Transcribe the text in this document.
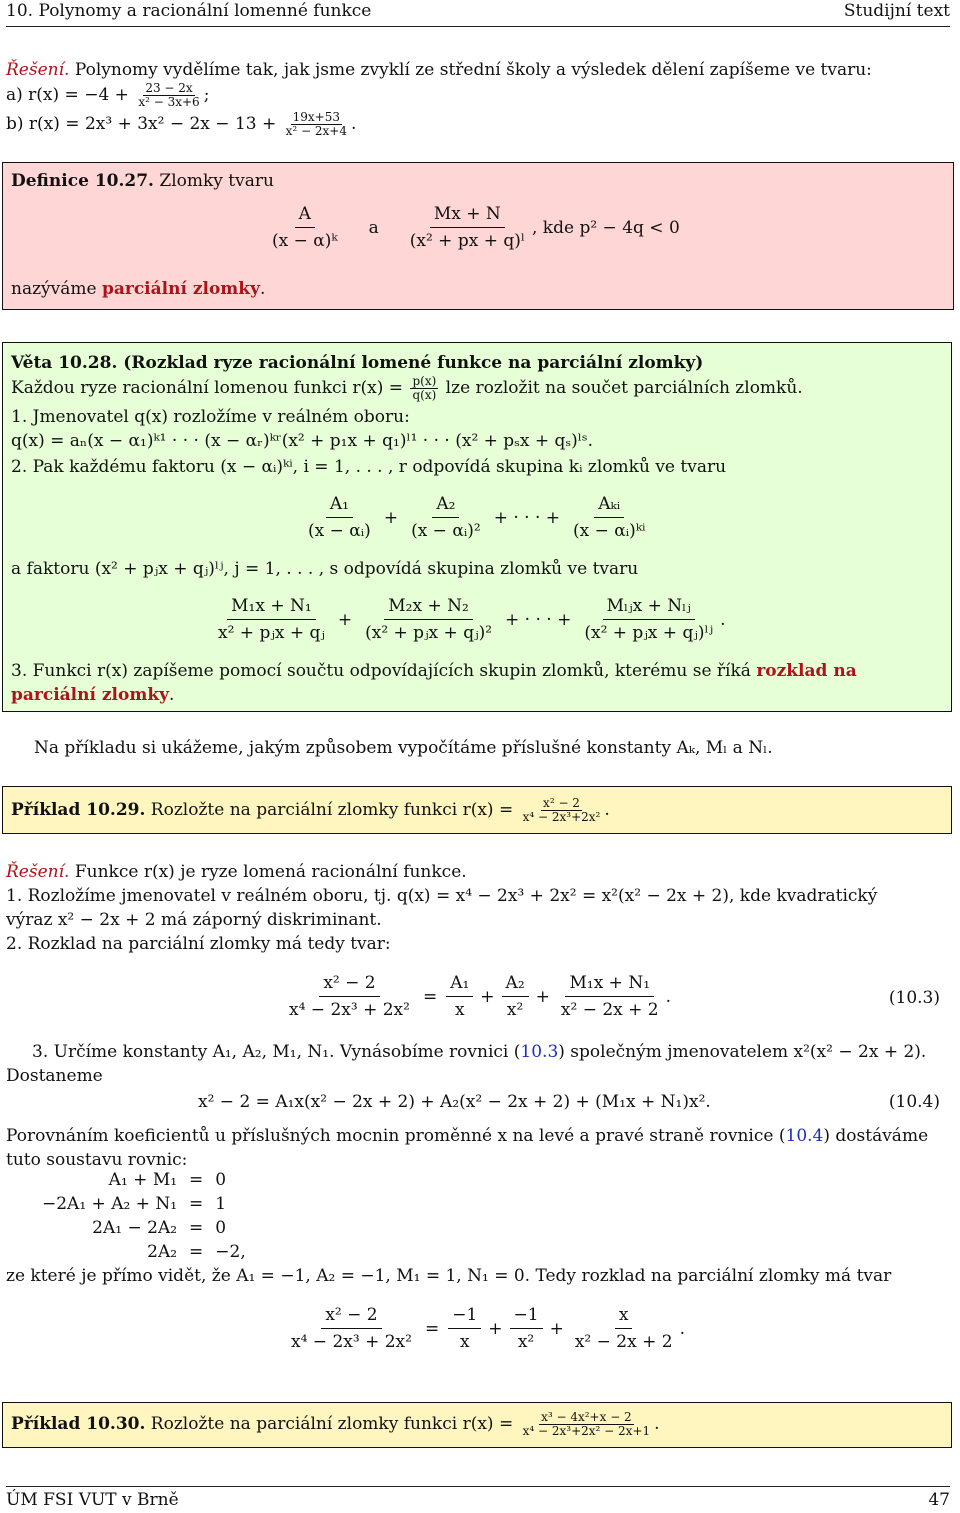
10. Polynomy a racionální lomenné funkce	Studijní text
Řešení. Polynomy vydělíme tak, jak jsme zvyklí ze střední školy a výsledek dělení zapíšeme ve tvaru:
a) $r(x) = -4 + \frac{23 - 2x}{\text{x² − 3x+6}}$ ;
b) $r(x) = 2x^3 + 3x^2 - 2x - 13 + \frac{19x+53}{\text{x² − 2x+4}}$ .
Definice 10.27. Zlomky tvaru
$\frac{A}{\text{(x − α)ᵏ}}$ a $\frac{Mx + N}{\text{(x² + px + q)ˡ}}$ , kde p² − 4q < 0
nazýváme parciální zlomky.
Věta 10.28. (Rozklad ryze racionální lomené funkce na parciální zlomky)
Každou ryze racionální lomenou funkci $r(x) = \frac{p(x)}{q(x)}$ lze rozložit na součet parciálních zlomků.
1. Jmenovatel q(x) rozložíme v reálném oboru:
q(x) = aₙ(x − α₁)ᵏ¹ · · · (x − αᵣ)ᵏʳ(x² + p₁x + q₁)ˡ¹ · · · (x² + pₛx + qₛ)ˡˢ.
2. Pak každému faktoru (x − αᵢ)ᵏⁱ, i = 1, . . . , r odpovídá skupina kᵢ zlomků ve tvaru
$\frac{\text{A₁}}{\text{(x − αᵢ)}} + \frac{\text{A₂}}{\text{(x − αᵢ)²}}$ + · · · + $\frac{\text{Aₖᵢ}}{\text{(x − αᵢ)ᵏⁱ}}$
a faktoru (x² + pⱼx + qⱼ)ˡʲ, j = 1, . . . , s odpovídá skupina zlomků ve tvaru
$\frac{\text{M₁x + N₁}}{\text{x² + pⱼx + qⱼ}} + \frac{\text{M₂x + N₂}}{\text{(x² + pⱼx + qⱼ)²}}$ + · · · + $\frac{\text{Mₗⱼx + Nₗⱼ}}{\text{(x² + pⱼx + qⱼ)ˡʲ}}$ .
3. Funkci r(x) zapíšeme pomocí součtu odpovídajících skupin zlomků, kterému se říká rozklad na
parciální zlomky.
Na příkladu si ukážeme, jakým způsobem vypočítáme příslušné konstanty Aₖ, Mₗ a Nₗ.
Příklad 10.29. Rozložte na parciální zlomky funkci $r(x) = \frac{\text{x² − 2}}{\text{x⁴ − 2x³+2x²}}$ .
Řešení. Funkce r(x) je ryze lomená racionální funkce.
1. Rozložíme jmenovatel v reálném oboru, tj. q(x) = x⁴ − 2x³ + 2x² = x²(x² − 2x + 2), kde kvadratický
výraz x² − 2x + 2 má záporný diskriminant.
2. Rozklad na parciální zlomky má tedy tvar:
$\frac{\text{x² − 2}}{\text{x⁴ − 2x³ + 2x²}} = \frac{\text{A₁}}{x} + \frac{\text{A₂}}{\text{x²}} + \frac{\text{M₁x + N₁}}{\text{x² − 2x + 2}}$ .	(10.3)
3. Určíme konstanty A₁, A₂, M₁, N₁. Vynásobíme rovnici (10.3) společným jmenovatelem x²(x² − 2x + 2).
Dostaneme
x² − 2 = A₁x(x² − 2x + 2) + A₂(x² − 2x + 2) + (M₁x + N₁)x².	(10.4)
Porovnáním koeficientů u příslušných mocnin proměnné x na levé a pravé straně rovnice (10.4) dostáváme
tuto soustavu rovnic:
A₁ + M₁	=	0
−2A₁ + A₂ + N₁	=	1
2A₁ − 2A₂	=	0
2A₂	=	−2,
ze které je přímo vidět, že A₁ = −1, A₂ = −1, M₁ = 1, N₁ = 0. Tedy rozklad na parciální zlomky má tvar
$\frac{\text{x² − 2}}{\text{x⁴ − 2x³ + 2x²}} = \frac{-1}{x} + \frac{-1}{\text{x²}} + \frac{x}{\text{x² − 2x + 2}}$ .
Příklad 10.30. Rozložte na parciální zlomky funkci $r(x) = \frac{\text{x³ − 4x²+x − 2}}{\text{x⁴ − 2x³+2x² − 2x+1}}$ .
ÚM FSI VUT v Brně	47
